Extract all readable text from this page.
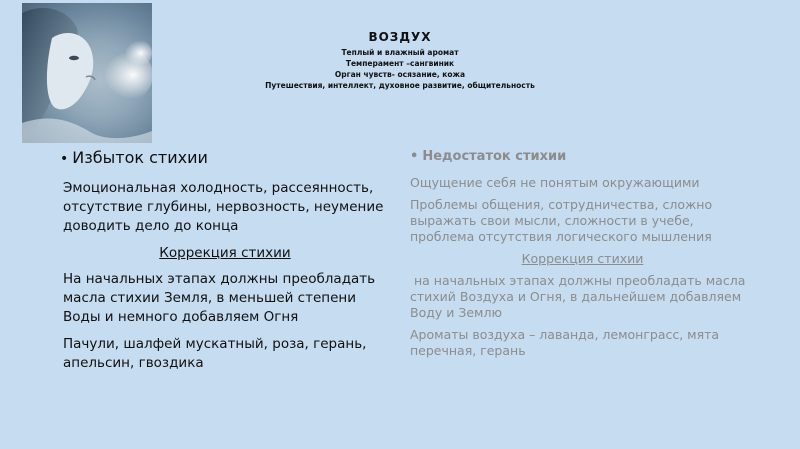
ВОЗДУХ
Теплый и влажный аромат
Темперамент –сангвиник
Орган чувств- осязание, кожа
Путешествия, интеллект, духовное развитие, общительность
• Избыток стихии

Эмоциональная холодность, рассеянность, отсутствие глубины, нервозность, неумение доводить дело до конца

Коррекция стихии

На начальных этапах должны преобладать масла стихии Земля, в меньшей степени Воды и немного добавляем Огня

Пачули, шалфей мускатный, роза, герань, апельсин, гвоздика

• Недостаток стихии

Ощущение себя не понятым окружающими

Проблемы общения, сотрудничества, сложно выражать свои мысли, сложности в учебе, проблема отсутствия логического мышления

Коррекция стихии

на начальных этапах должны преобладать масла стихий Воздуха и Огня, в дальнейшем добавляем Воду и Землю

Ароматы воздуха – лаванда, лемонграсс, мята перечная, герань
